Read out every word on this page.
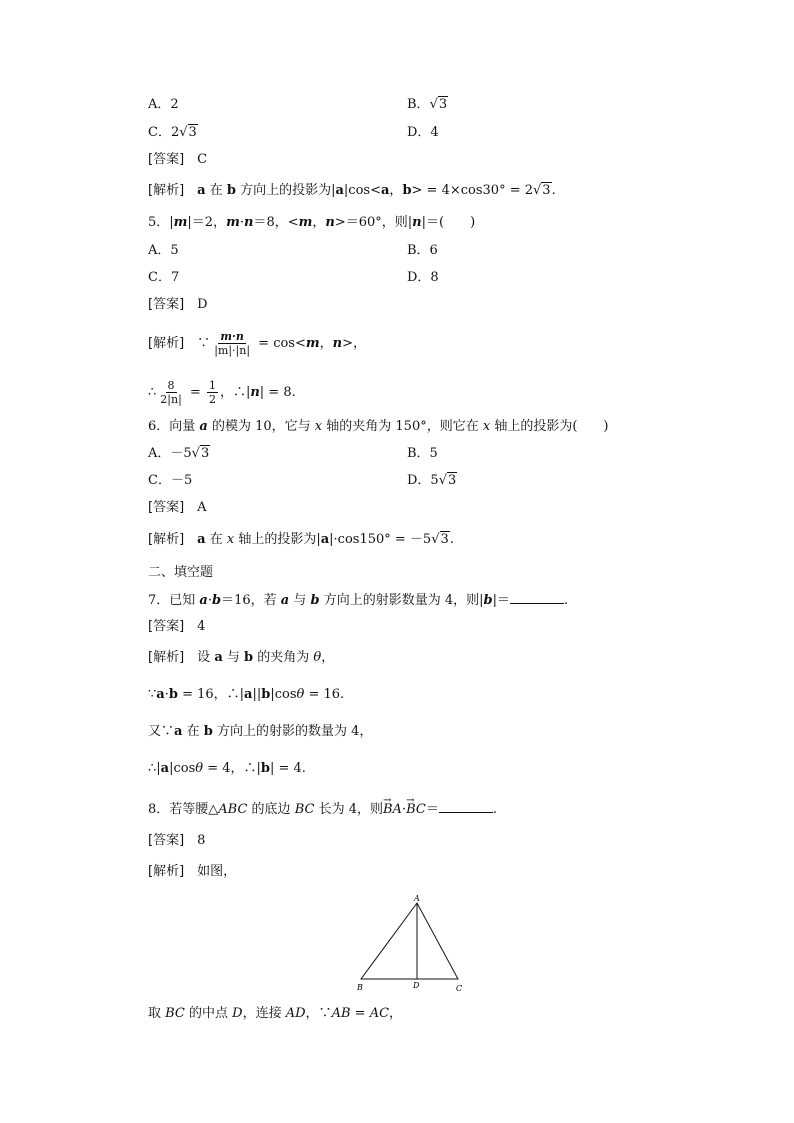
A．2	B．√3
C．2√3	D．4
[答案]　 C
[解析]　 a 在 b 方向上的投影为|a|cos<a，b> = 4×cos30° = 2√3.
5．|m|＝2，m·n＝8，<m，n>＝60°，则|n|＝(　　)
A．5	B．6
C．7	D．8
[答案]　 D
[解析]　 ∵ $\frac{m\cdot n}{|m|\cdot|n|} = \cos<m$，n>，
∴ $\frac{8}{2|n|} = \frac{1}{2}$ ，∴|n| = 8.
6．向量 a 的模为 10，它与 x 轴的夹角为 150°，则它在 x 轴上的投影为(　　)
A．－5√3	B．5
C．－5	D．5√3
[答案]　 A
[解析]　 a 在 x 轴上的投影为|a|·cos150° = －5√3.
二、填空题
7．已知 a·b＝16，若 a 与 b 方向上的射影数量为 4，则|b|＝	.
[答案]　 4
[解析]　 设 a 与 b 的夹角为 θ，
∵a·b = 16，∴|a||b|cosθ = 16.
又∵a 在 b 方向上的射影的数量为 4，
∴|a|cosθ = 4，∴|b| = 4.
8．若等腰△ABC 的底边 BC 长为 4，则→ BA·→ BC＝	.
[答案]　 8
[解析]　 如图，
A
B	D	C
取 BC 的中点 D，连接 AD，∵AB = AC，
